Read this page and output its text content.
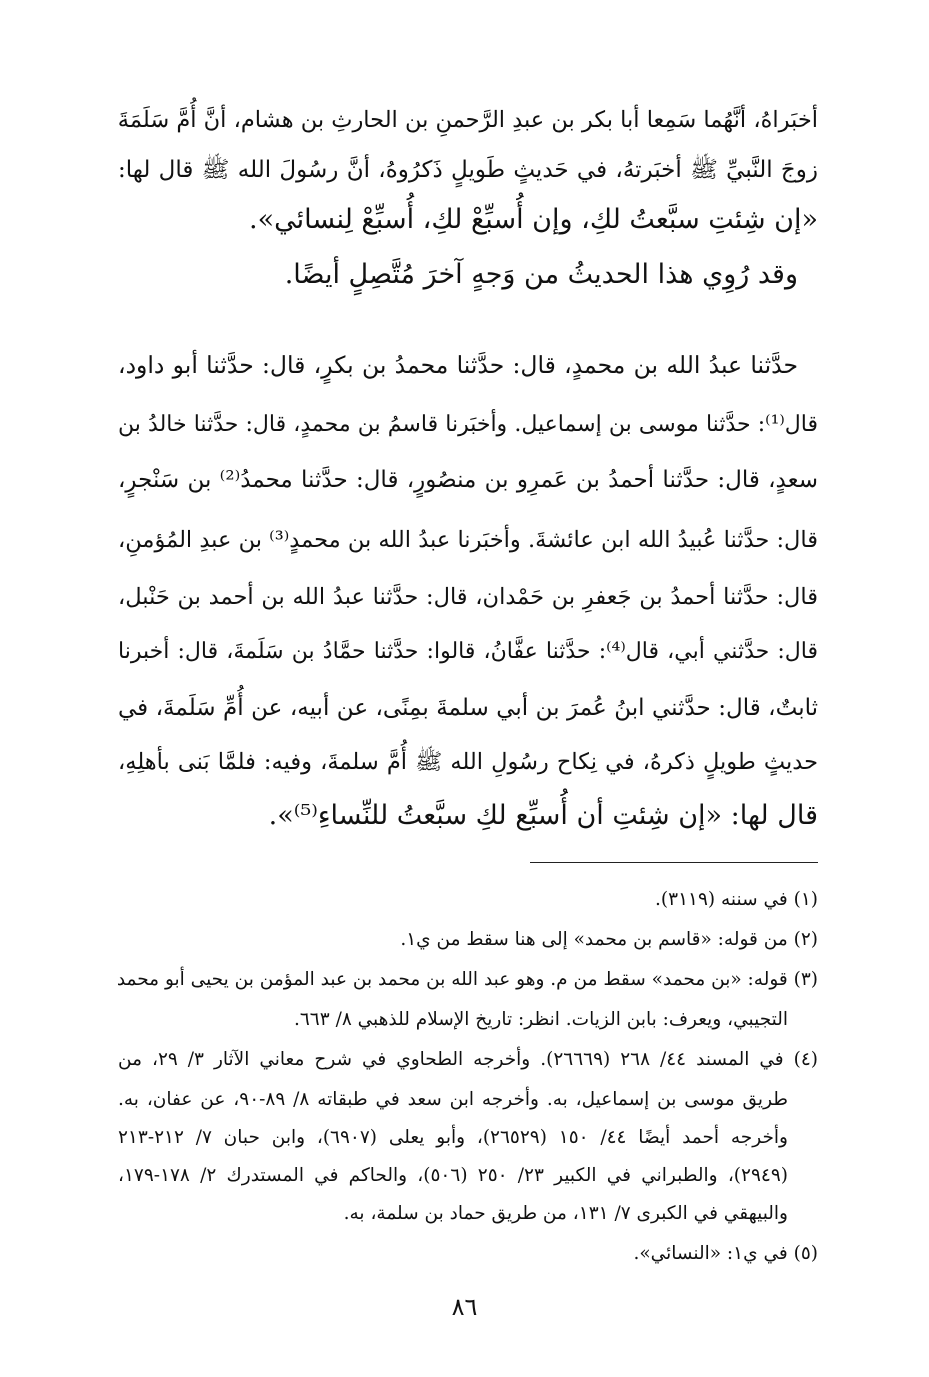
أخبَراهُ، أنَّهُما سَمِعا أبا بكر بن عبدِ الرَّحمنِ بن الحارثِ بن هشام، أنَّ أُمَّ سَلَمَةَ
زوجَ النَّبيِّ ﷺ أخبَرتهُ، في حَديثٍ طَويلٍ ذَكرُوهُ، أنَّ رسُولَ الله ﷺ قال لها:
«إن شِئتِ سبَّعتُ لكِ، وإن أُسبِّعْ لكِ، أُسبِّعْ لِنسائي».
وقد رُوِي هذا الحديثُ من وَجهٍ آخرَ مُتَّصِلٍ أيضًا.
حدَّثنا عبدُ الله بن محمدٍ، قال: حدَّثنا محمدُ بن بكرٍ، قال: حدَّثنا أبو داود،
قال⁽¹⁾: حدَّثنا موسى بن إسماعيل. وأخبَرنا قاسمُ بن محمدٍ، قال: حدَّثنا خالدُ بن
سعدٍ، قال: حدَّثنا أحمدُ بن عَمرِو بن منصُورٍ، قال: حدَّثنا محمدُ⁽²⁾ بن سَنْجرٍ،
قال: حدَّثنا عُبيدُ الله ابن عائشةَ. وأخبَرنا عبدُ الله بن محمدٍ⁽³⁾ بن عبدِ المُؤمنِ،
قال: حدَّثنا أحمدُ بن جَعفرِ بن حَمْدان، قال: حدَّثنا عبدُ الله بن أحمد بن حَنْبل،
قال: حدَّثني أبي، قال⁽⁴⁾: حدَّثنا عفَّانُ، قالوا: حدَّثنا حمَّادُ بن سَلَمةَ، قال: أخبرنا
ثابتٌ، قال: حدَّثني ابنُ عُمرَ بن أبي سلمةَ بمِنًى، عن أبيه، عن أُمِّ سَلَمةَ، في
حديثٍ طويلٍ ذكرهُ، في نِكاح رسُولِ الله ﷺ أُمَّ سلمةَ، وفيه: فلمَّا بَنى بأهلِهِ،
قال لها: «إن شِئتِ أن أُسبِّع لكِ سبَّعتُ للنِّساءِ⁽⁵⁾».
(١) في سننه (٣١١٩).
(٢) من قوله: «قاسم بن محمد» إلى هنا سقط من ي١.
(٣) قوله: «بن محمد» سقط من م. وهو عبد الله بن محمد بن عبد المؤمن بن يحيى أبو محمد
التجيبي، ويعرف: بابن الزيات. انظر: تاريخ الإسلام للذهبي ٨/ ٦٦٣.
(٤) في المسند ٤٤/ ٢٦٨ (٢٦٦٦٩). وأخرجه الطحاوي في شرح معاني الآثار ٣/ ٢٩، من
طريق موسى بن إسماعيل، به. وأخرجه ابن سعد في طبقاته ٨/ ٨٩-٩٠، عن عفان، به.
وأخرجه أحمد أيضًا ٤٤/ ١٥٠ (٢٦٥٢٩)، وأبو يعلى (٦٩٠٧)، وابن حبان ٧/ ٢١٢-٢١٣
(٢٩٤٩)، والطبراني في الكبير ٢٣/ ٢٥٠ (٥٠٦)، والحاكم في المستدرك ٢/ ١٧٨-١٧٩،
والبيهقي في الكبرى ٧/ ١٣١، من طريق حماد بن سلمة، به.
(٥) في ي١: «النسائي».
٨٦
